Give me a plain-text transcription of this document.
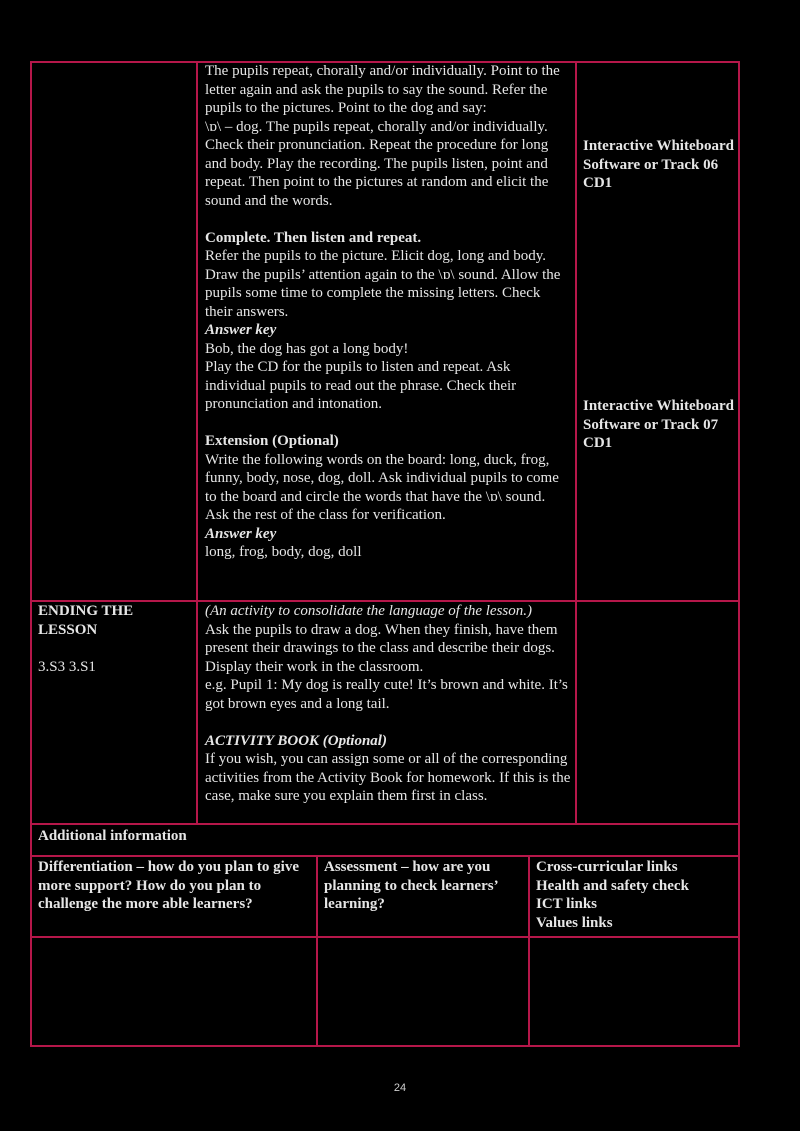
The pupils repeat, chorally and/or individually. Point to the letter again and ask the pupils to say the sound. Refer the pupils to the pictures. Point to the dog and say:

\ɒ\ – dog. The pupils repeat, chorally and/or individually.

Check their pronunciation. Repeat the procedure for long and body. Play the recording. The pupils listen, point and repeat. Then point to the pictures at random and elicit the sound and the words.

Complete. Then listen and repeat.

Refer the pupils to the picture. Elicit dog, long and body. Draw the pupils’ attention again to the \ɒ\ sound. Allow the pupils some time to complete the missing letters. Check their answers.

Answer key

Bob, the dog has got a long body!

Play the CD for the pupils to listen and repeat. Ask individual pupils to read out the phrase. Check their pronunciation and intonation.

Extension (Optional)

Write the following words on the board: long, duck, frog, funny, body, nose, dog, doll. Ask individual pupils to come to the board and circle the words that have the \ɒ\ sound. Ask the rest of the class for verification.

Answer key

long, frog, body, dog, doll

Interactive Whiteboard Software or Track 06 CD1

Interactive Whiteboard Software or Track 07 CD1

ENDING THE LESSON

3.S3 3.S1

(An activity to consolidate the language of the lesson.)

Ask the pupils to draw a dog. When they finish, have them present their drawings to the class and describe their dogs. Display their work in the classroom.

e.g. Pupil 1: My dog is really cute! It’s brown and white. It’s got brown eyes and a long tail.

ACTIVITY BOOK (Optional)

If you wish, you can assign some or all of the corresponding activities from the Activity Book for homework. If this is the case, make sure you explain them first in class.

Additional information

Differentiation – how do you plan to give more support? How do you plan to challenge the more able learners?

Assessment – how are you planning to check learners’ learning?

Cross-curricular links

Health and safety check

ICT links

Values links

24
